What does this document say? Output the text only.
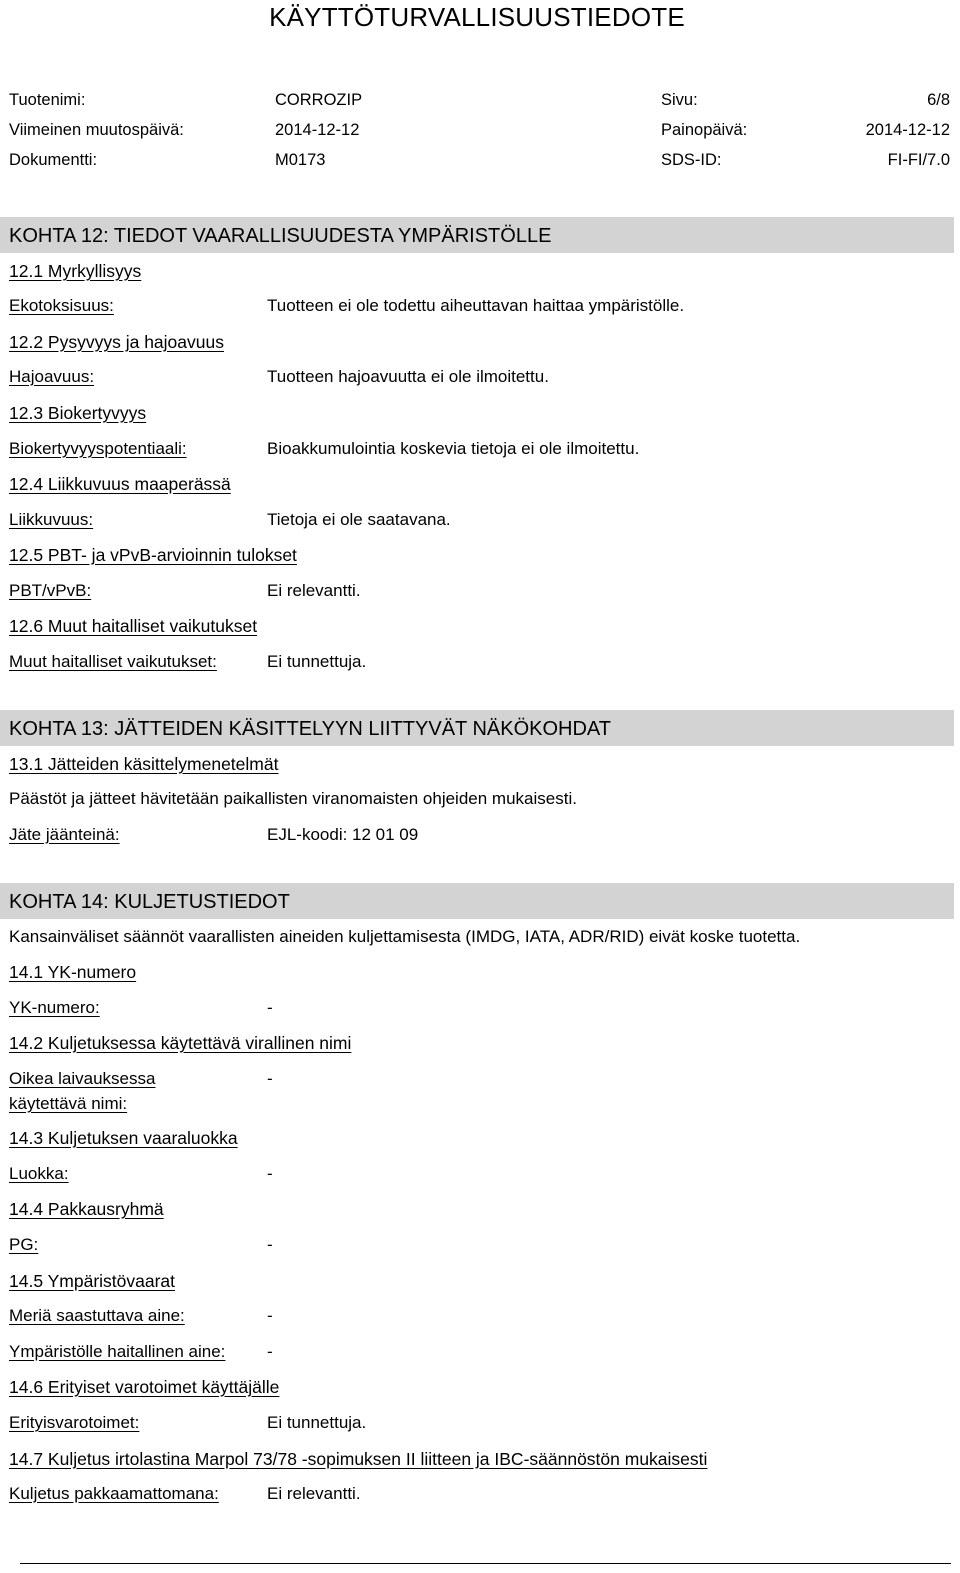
KÄYTTÖTURVALLISUUSTIEDOTE
Tuotenimi:	CORROZIP	Sivu:	6/8
Viimeinen muutospäivä:	2014-12-12	Painopäivä:	2014-12-12
Dokumentti:	M0173	SDS-ID:	FI-FI/7.0
KOHTA 12: TIEDOT VAARALLISUUDESTA YMPÄRISTÖLLE
12.1 Myrkyllisyys
Ekotoksisuus:	Tuotteen ei ole todettu aiheuttavan haittaa ympäristölle.
12.2 Pysyvyys ja hajoavuus
Hajoavuus:	Tuotteen hajoavuutta ei ole ilmoitettu.
12.3 Biokertyvyys
Biokertyvyyspotentiaali:	Bioakkumulointia koskevia tietoja ei ole ilmoitettu.
12.4 Liikkuvuus maaperässä
Liikkuvuus:	Tietoja ei ole saatavana.
12.5 PBT- ja vPvB-arvioinnin tulokset
PBT/vPvB:	Ei relevantti.
12.6 Muut haitalliset vaikutukset
Muut haitalliset vaikutukset:	Ei tunnettuja.
KOHTA 13: JÄTTEIDEN KÄSITTELYYN LIITTYVÄT NÄKÖKOHDAT
13.1 Jätteiden käsittelymenetelmät
Päästöt ja jätteet hävitetään paikallisten viranomaisten ohjeiden mukaisesti.
Jäte jäänteinä:	EJL-koodi: 12 01 09
KOHTA 14: KULJETUSTIEDOT
Kansainväliset säännöt vaarallisten aineiden kuljettamisesta (IMDG, IATA, ADR/RID) eivät koske tuotetta.
14.1 YK-numero
YK-numero:	-
14.2 Kuljetuksessa käytettävä virallinen nimi
Oikea laivauksessa käytettävä nimi:
-
14.3 Kuljetuksen vaaraluokka
Luokka:	-
14.4 Pakkausryhmä
PG:	-
14.5 Ympäristövaarat
Meriä saastuttava aine:	-
Ympäristölle haitallinen aine: -
14.6 Erityiset varotoimet käyttäjälle
Erityisvarotoimet:	Ei tunnettuja.
14.7 Kuljetus irtolastina Marpol 73/78 -sopimuksen II liitteen ja IBC-säännöstön mukaisesti
Kuljetus pakkaamattomana:	Ei relevantti.
